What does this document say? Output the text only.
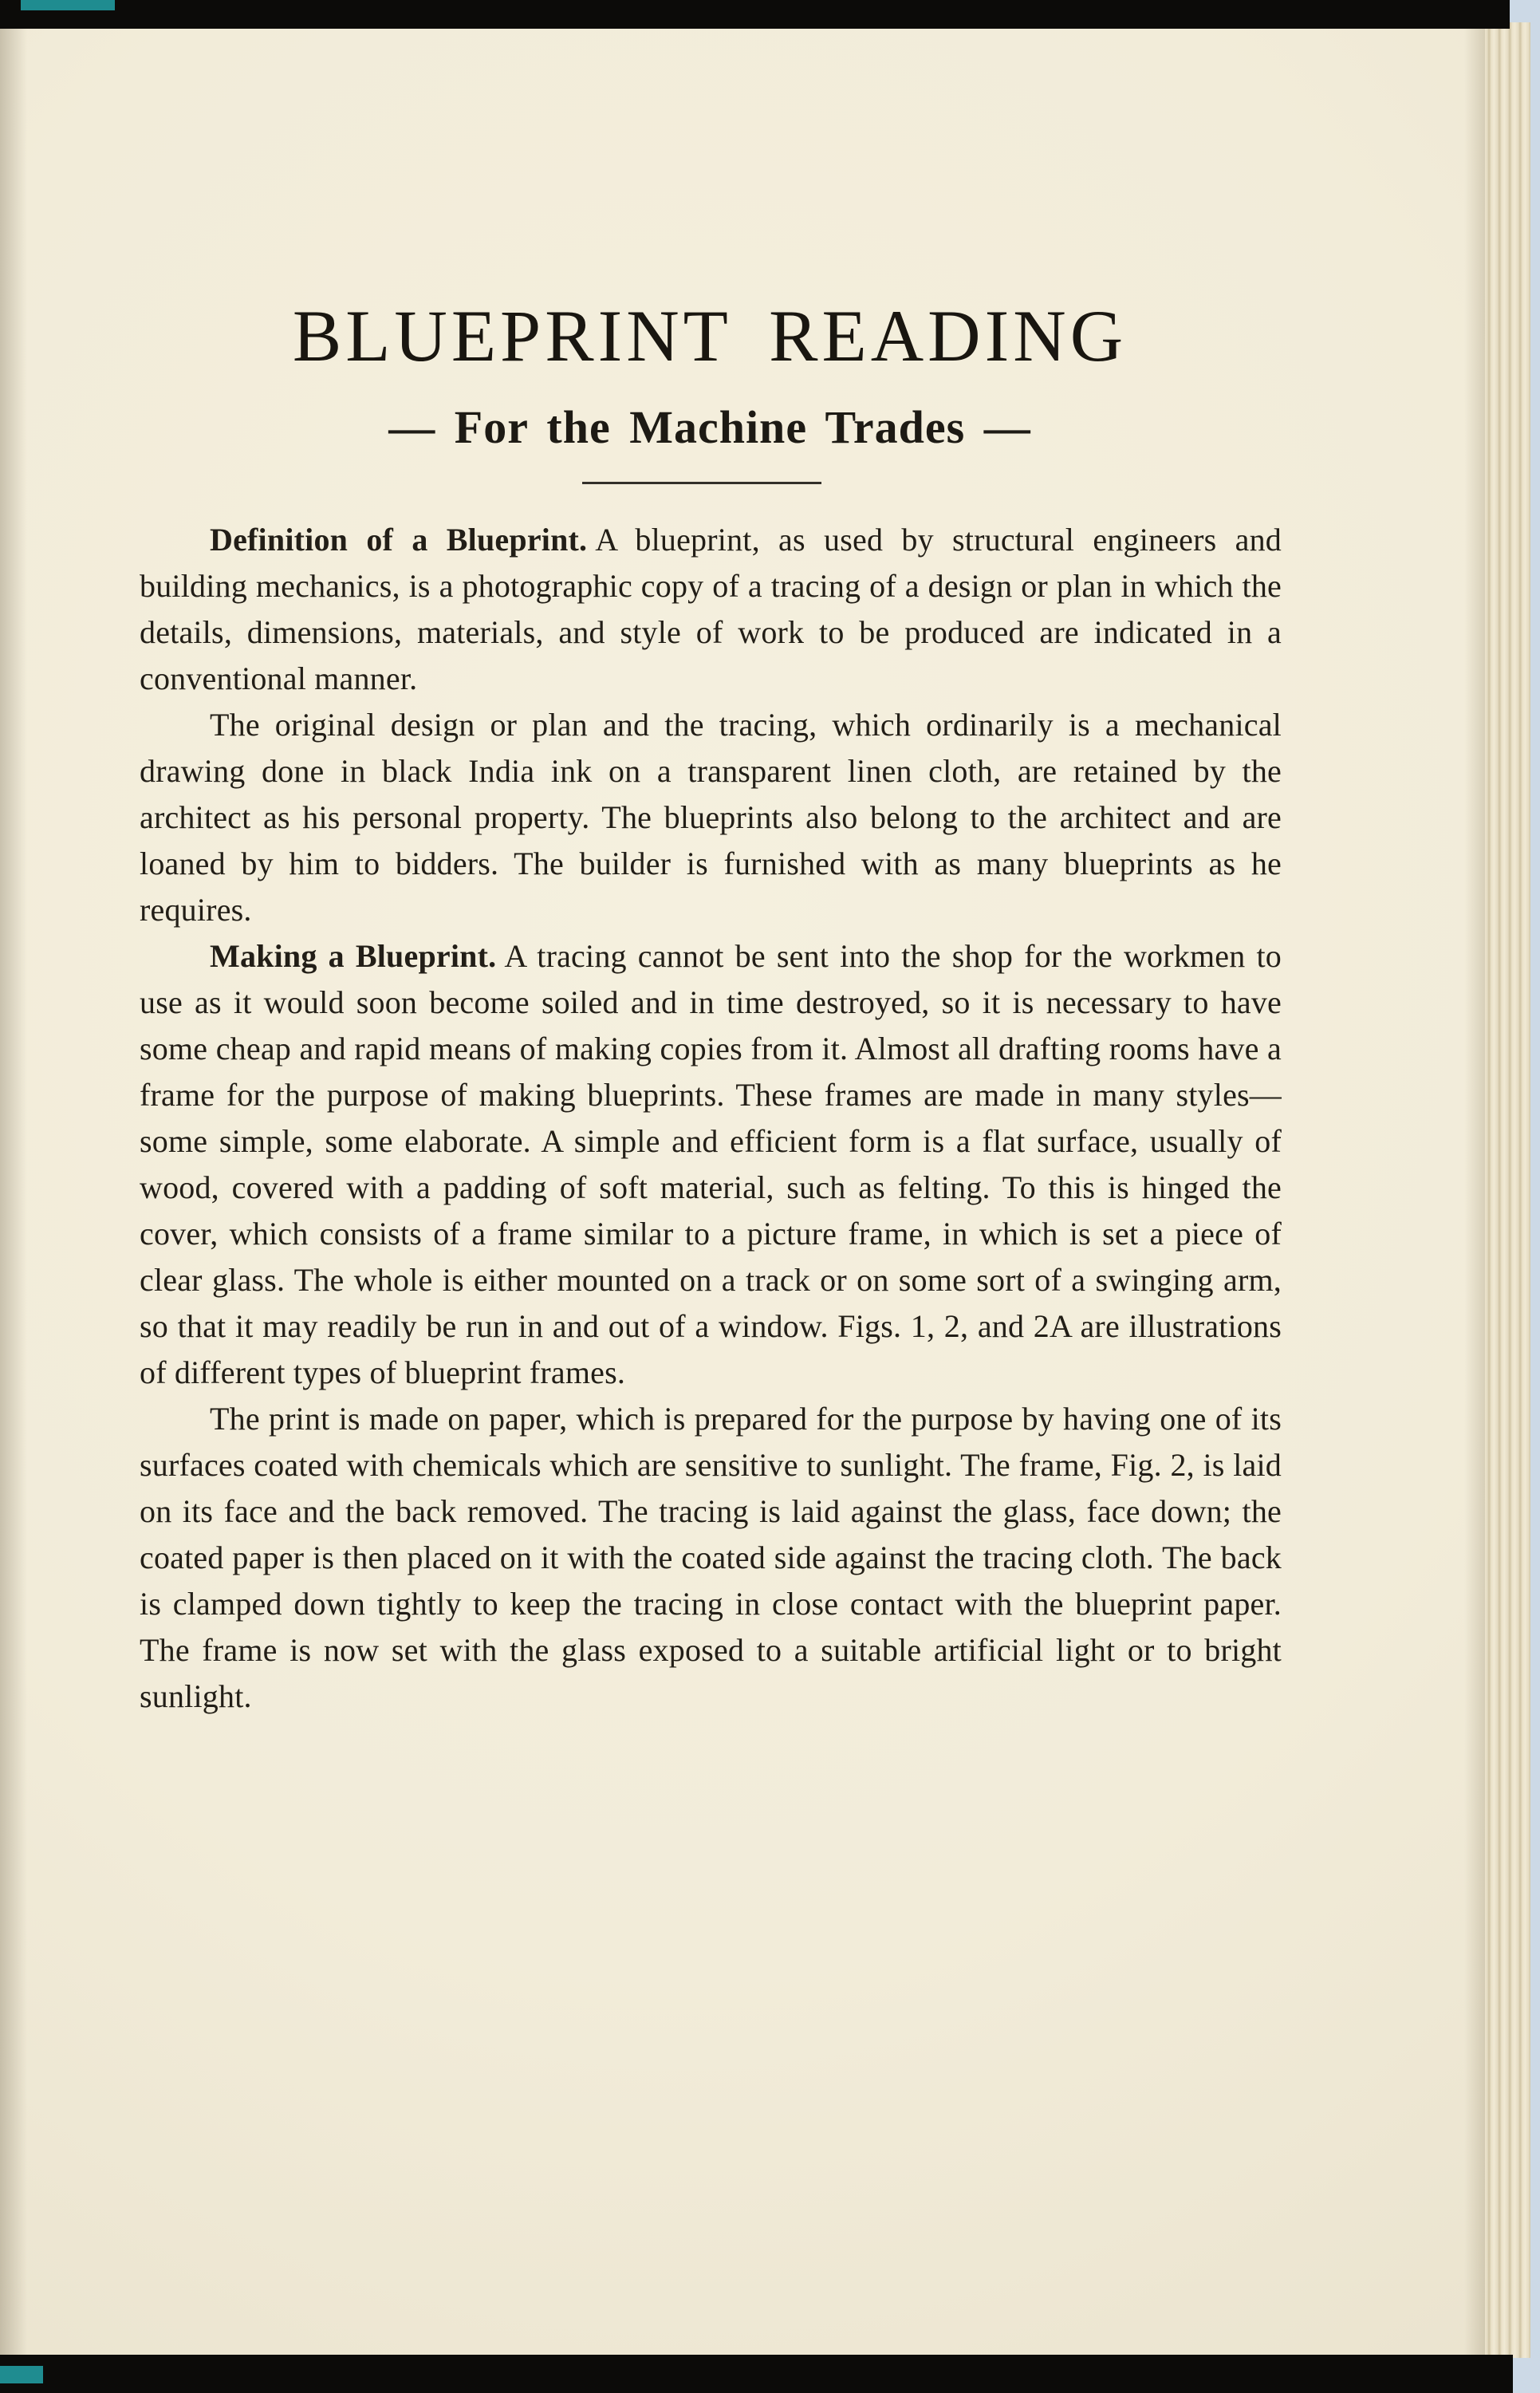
BLUEPRINT READING
— For the Machine Trades —

Definition of a Blueprint. A blueprint, as used by structural engineers and building mechanics, is a photographic copy of a tracing of a design or plan in which the details, dimensions, materials, and style of work to be produced are indicated in a conventional manner.

The original design or plan and the tracing, which ordinarily is a mechanical drawing done in black India ink on a transparent linen cloth, are retained by the architect as his personal property. The blueprints also belong to the architect and are loaned by him to bidders. The builder is furnished with as many blueprints as he requires.

Making a Blueprint. A tracing cannot be sent into the shop for the workmen to use as it would soon become soiled and in time destroyed, so it is necessary to have some cheap and rapid means of making copies from it. Almost all drafting rooms have a frame for the purpose of making blueprints. These frames are made in many styles—some simple, some elaborate. A simple and efficient form is a flat surface, usually of wood, covered with a padding of soft material, such as felting. To this is hinged the cover, which consists of a frame similar to a picture frame, in which is set a piece of clear glass. The whole is either mounted on a track or on some sort of a swinging arm, so that it may readily be run in and out of a window. Figs. 1, 2, and 2A are illustrations of different types of blueprint frames.

The print is made on paper, which is prepared for the purpose by having one of its surfaces coated with chemicals which are sensitive to sunlight. The frame, Fig. 2, is laid on its face and the back removed. The tracing is laid against the glass, face down; the coated paper is then placed on it with the coated side against the tracing cloth. The back is clamped down tightly to keep the tracing in close contact with the blueprint paper. The frame is now set with the glass exposed to a suitable artificial light or to bright sunlight.
